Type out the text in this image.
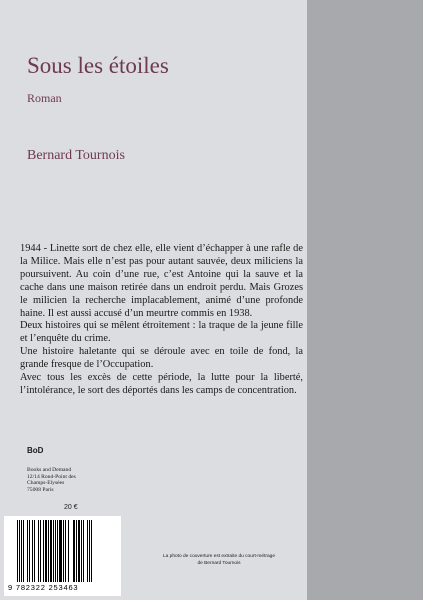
Sous les étoiles
Roman
Bernard Tournois

1944 - Linette sort de chez elle, elle vient d’échapper à une rafle de la Milice. Mais elle n’est pas pour autant sauvée, deux miliciens la poursuivent. Au coin d’une rue, c’est Antoine qui la sauve et la cache dans une maison retirée dans un endroit perdu. Mais Grozes le milicien la recherche implacablement, animé d’une profonde haine. Il est aussi accusé d’un meurtre commis en 1938.

Deux histoires qui se mêlent étroitement : la traque de la jeune fille et l’enquête du crime.

Une histoire haletante qui se déroule avec en toile de fond, la grande fresque de l’Occupation.

Avec tous les excès de cette période, la lutte pour la liberté, l’intolérance, le sort des déportés dans les camps de concentration.

BoD
Books and Demand
12/14 Rond-Point des
Champs-Elysées
75008 Paris
20 €
9 782322 253463
La photo de couverture est extraite du court-métrage
de Bernard Tournois
